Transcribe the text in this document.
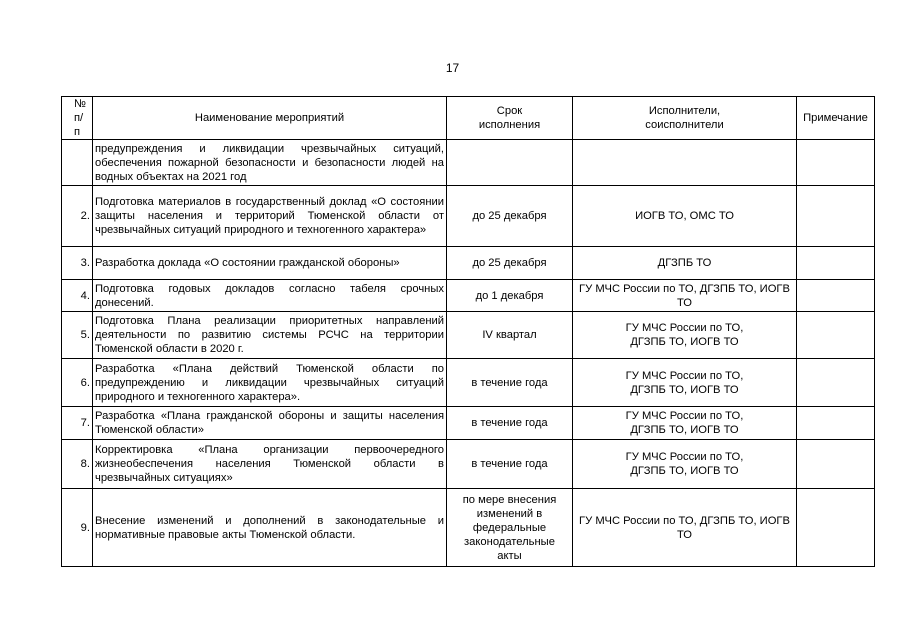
17
№ п/п	Наименование мероприятий	Срок исполнения	Исполнители, соисполнители	Примечание
	предупреждения и ликвидации чрезвычайных ситуаций, обеспечения пожарной безопасности и безопасности людей на водных объектах на 2021 год			
2.	Подготовка материалов в государственный доклад «О состоянии защиты населения и территорий Тюменской области от чрезвычайных ситуаций природного и техногенного характера»	до 25 декабря	ИОГВ ТО, ОМС ТО	
3.	Разработка доклада «О состоянии гражданской обороны»	до 25 декабря	ДГЗПБ ТО	
4.	Подготовка годовых докладов согласно табеля срочных донесений.	до 1 декабря	ГУ МЧС России по ТО, ДГЗПБ ТО, ИОГВ ТО	
5.	Подготовка Плана реализации приоритетных направлений деятельности по развитию системы РСЧС на территории Тюменской области в 2020 г.	IV квартал	ГУ МЧС России по ТО, ДГЗПБ ТО, ИОГВ ТО	
6.	Разработка «Плана действий Тюменской области по предупреждению и ликвидации чрезвычайных ситуаций природного и техногенного характера».	в течение года	ГУ МЧС России по ТО, ДГЗПБ ТО, ИОГВ ТО	
7.	Разработка «Плана гражданской обороны и защиты населения Тюменской области»	в течение года	ГУ МЧС России по ТО, ДГЗПБ ТО, ИОГВ ТО	
8.	Корректировка «Плана организации первоочередного жизнеобеспечения населения Тюменской области в чрезвычайных ситуациях»	в течение года	ГУ МЧС России по ТО, ДГЗПБ ТО, ИОГВ ТО	
9.	Внесение изменений и дополнений в законодательные и нормативные правовые акты Тюменской области.	по мере внесения изменений в федеральные законодательные акты	ГУ МЧС России по ТО, ДГЗПБ ТО, ИОГВ ТО	
